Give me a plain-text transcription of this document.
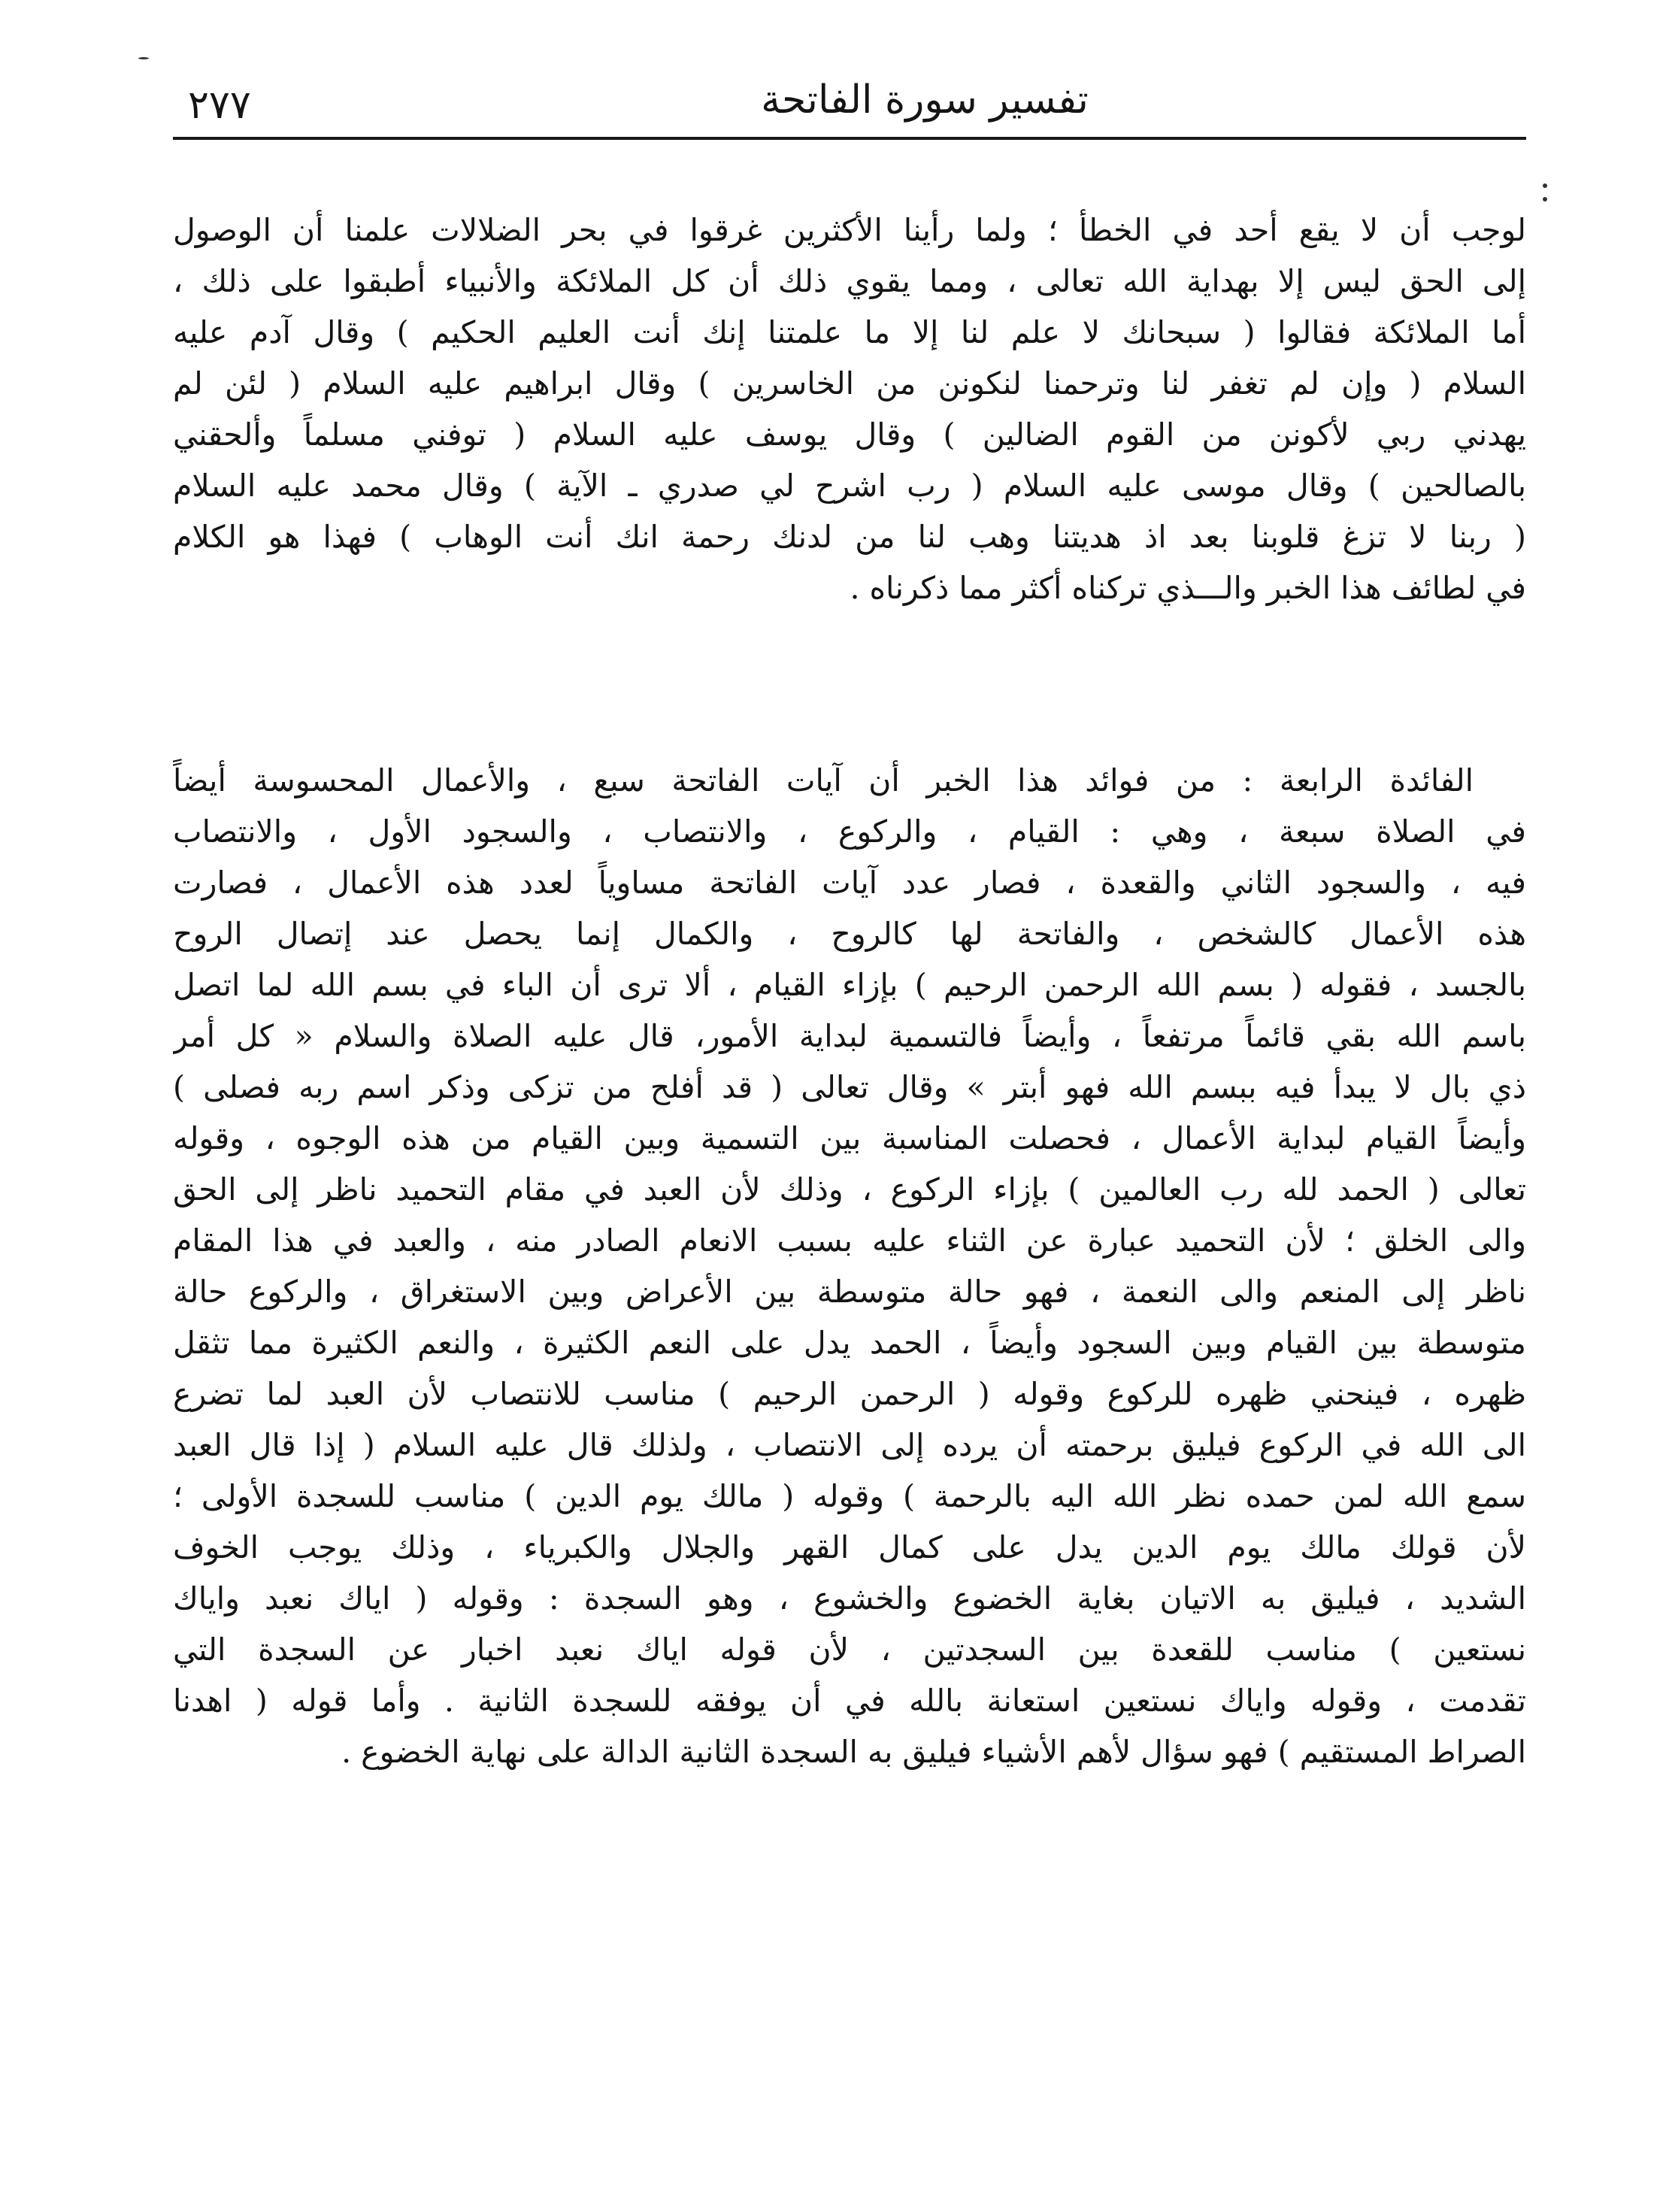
٢٧٧	تفسير سورة الفاتحة
لوجب أن لا يقع أحد في الخطأ ؛ ولما رأينا الأكثرين غرقوا في بحر الضلالات علمنا أن الوصول
إلى الحق ليس إلا بهداية الله تعالى ، ومما يقوي ذلك أن كل الملائكة والأنبياء أطبقوا على ذلك ،
أما الملائكة فقالوا ( سبحانك لا علم لنا إلا ما علمتنا إنك أنت العليم الحكيم ) وقال آدم عليه
السلام ( وإن لم تغفر لنا وترحمنا لنكونن من الخاسرين ) وقال ابراهيم عليه السلام ( لئن لم
يهدني ربي لأكونن من القوم الضالين ) وقال يوسف عليه السلام ( توفني مسلماً وألحقني
بالصالحين ) وقال موسى عليه السلام ( رب اشرح لي صدري ـ الآية ) وقال محمد عليه السلام
( ربنا لا تزغ قلوبنا بعد اذ هديتنا وهب لنا من لدنك رحمة انك أنت الوهاب ) فهذا هو الكلام
في لطائف هذا الخبر والـــذي تركناه أكثر مما ذكرناه .
الفائدة الرابعة : من فوائد هذا الخبر أن آيات الفاتحة سبع ، والأعمال المحسوسة أيضاً
في الصلاة سبعة ، وهي : القيام ، والركوع ، والانتصاب ، والسجود الأول ، والانتصاب
فيه ، والسجود الثاني والقعدة ، فصار عدد آيات الفاتحة مساوياً لعدد هذه الأعمال ، فصارت
هذه الأعمال كالشخص ، والفاتحة لها كالروح ، والكمال إنما يحصل عند إتصال الروح
بالجسد ، فقوله ( بسم الله الرحمن الرحيم ) بإزاء القيام ، ألا ترى أن الباء في بسم الله لما اتصل
باسم الله بقي قائماً مرتفعاً ، وأيضاً فالتسمية لبداية الأمور، قال عليه الصلاة والسلام « كل أمر
ذي بال لا يبدأ فيه ببسم الله فهو أبتر » وقال تعالى ( قد أفلح من تزكى وذكر اسم ربه فصلى )
وأيضاً القيام لبداية الأعمال ، فحصلت المناسبة بين التسمية وبين القيام من هذه الوجوه ، وقوله
تعالى ( الحمد لله رب العالمين ) بإزاء الركوع ، وذلك لأن العبد في مقام التحميد ناظر إلى الحق
والى الخلق ؛ لأن التحميد عبارة عن الثناء عليه بسبب الانعام الصادر منه ، والعبد في هذا المقام
ناظر إلى المنعم والى النعمة ، فهو حالة متوسطة بين الأعراض وبين الاستغراق ، والركوع حالة
متوسطة بين القيام وبين السجود وأيضاً ، الحمد يدل على النعم الكثيرة ، والنعم الكثيرة مما تثقل
ظهره ، فينحني ظهره للركوع وقوله ( الرحمن الرحيم ) مناسب للانتصاب لأن العبد لما تضرع
الى الله في الركوع فيليق برحمته أن يرده إلى الانتصاب ، ولذلك قال عليه السلام ( إذا قال العبد
سمع الله لمن حمده نظر الله اليه بالرحمة ) وقوله ( مالك يوم الدين ) مناسب للسجدة الأولى ؛
لأن قولك مالك يوم الدين يدل على كمال القهر والجلال والكبرياء ، وذلك يوجب الخوف
الشديد ، فيليق به الاتيان بغاية الخضوع والخشوع ، وهو السجدة : وقوله ( اياك نعبد واياك
نستعين ) مناسب للقعدة بين السجدتين ، لأن قوله اياك نعبد اخبار عن السجدة التي
تقدمت ، وقوله واياك نستعين استعانة بالله في أن يوفقه للسجدة الثانية . وأما قوله ( اهدنا
الصراط المستقيم ) فهو سؤال لأهم الأشياء فيليق به السجدة الثانية الدالة على نهاية الخضوع .
